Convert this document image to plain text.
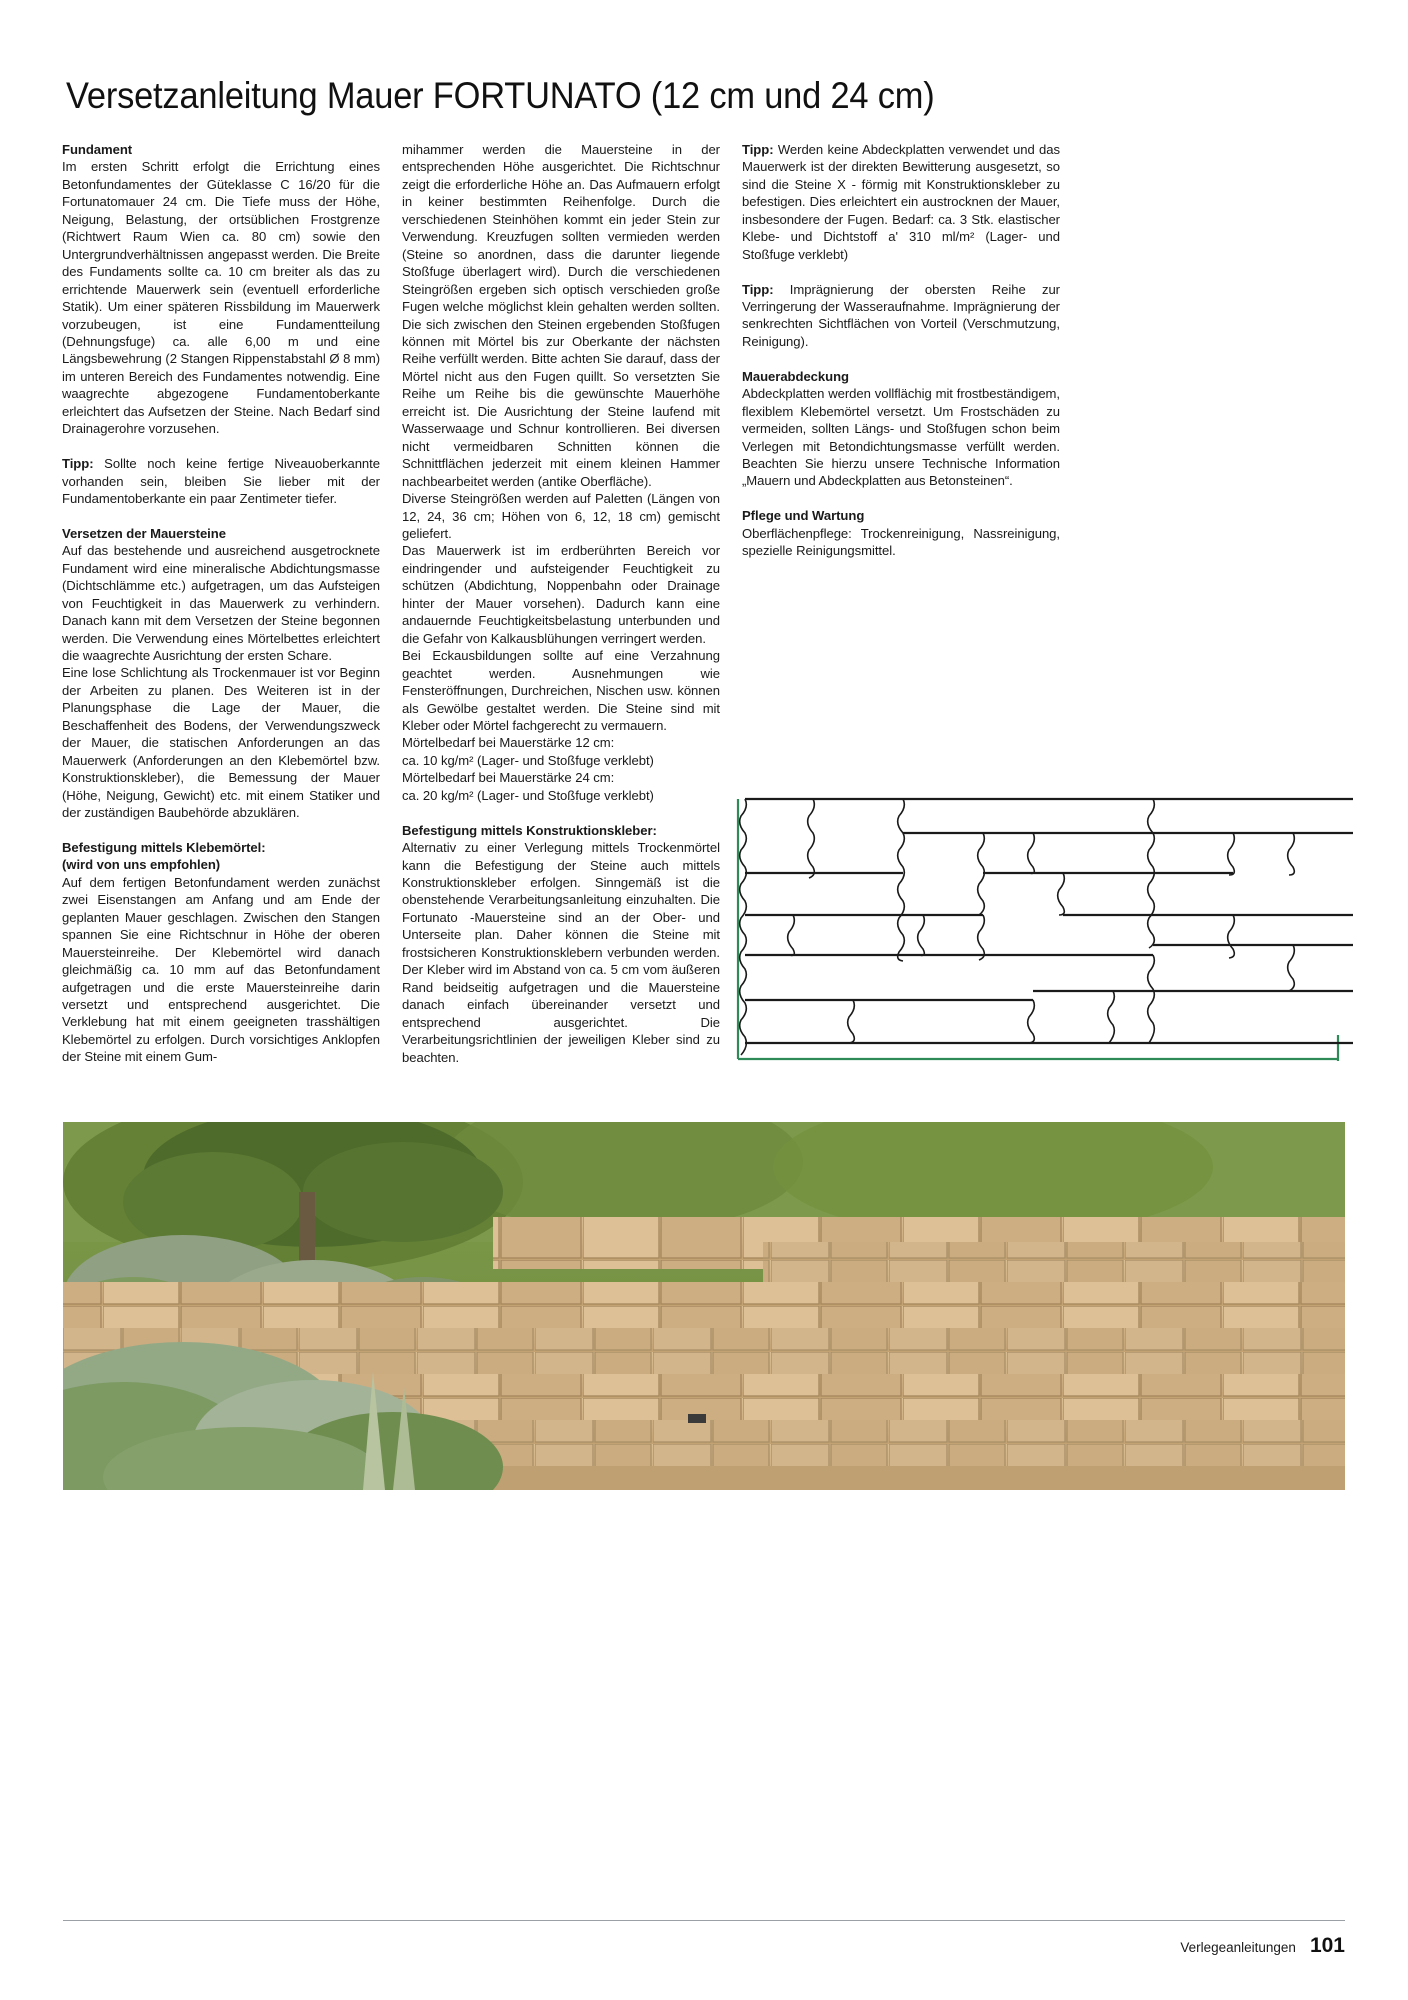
Versetzanleitung Mauer FORTUNATO (12 cm und 24 cm)
Fundament

Im ersten Schritt erfolgt die Errichtung eines Betonfundamentes der Güteklasse C 16/20 für die Fortunatomauer 24 cm. Die Tiefe muss der Höhe, Neigung, Belastung, der ortsüblichen Frostgrenze (Richtwert Raum Wien ca. 80 cm) sowie den Untergrundverhältnissen angepasst werden. Die Breite des Fundaments sollte ca. 10 cm breiter als das zu errichtende Mauerwerk sein (eventuell erforderliche Statik). Um einer späteren Rissbildung im Mauerwerk vorzubeugen, ist eine Fundamentteilung (Dehnungsfuge) ca. alle 6,00 m und eine Längsbewehrung (2 Stangen Rippenstabstahl Ø 8 mm) im unteren Bereich des Fundamentes notwendig. Eine waagrechte abgezogene Fundamentoberkante erleichtert das Aufsetzen der Steine. Nach Bedarf sind Drainagerohre vorzusehen.

Tipp: Sollte noch keine fertige Niveauoberkannte vorhanden sein, bleiben Sie lieber mit der Fundamentoberkante ein paar Zentimeter tiefer.

Versetzen der Mauersteine

Auf das bestehende und ausreichend ausgetrocknete Fundament wird eine mineralische Abdichtungsmasse (Dichtschlämme etc.) aufgetragen, um das Aufsteigen von Feuchtigkeit in das Mauerwerk zu verhindern. Danach kann mit dem Versetzen der Steine begonnen werden. Die Verwendung eines Mörtelbettes erleichtert die waagrechte Ausrichtung der ersten Schare.

Eine lose Schlichtung als Trockenmauer ist vor Beginn der Arbeiten zu planen. Des Weiteren ist in der Planungsphase die Lage der Mauer, die Beschaffenheit des Bodens, der Verwendungszweck der Mauer, die statischen Anforderungen an das Mauerwerk (Anforderungen an den Klebemörtel bzw. Konstruktionskleber), die Bemessung der Mauer (Höhe, Neigung, Gewicht) etc. mit einem Statiker und der zuständigen Baubehörde abzuklären.

Befestigung mittels Klebemörtel:
(wird von uns empfohlen)

Auf dem fertigen Betonfundament werden zunächst zwei Eisenstangen am Anfang und am Ende der geplanten Mauer geschlagen. Zwischen den Stangen spannen Sie eine Richtschnur in Höhe der oberen Mauersteinreihe. Der Klebemörtel wird danach gleichmäßig ca. 10 mm auf das Betonfundament aufgetragen und die erste Mauersteinreihe darin versetzt und entsprechend ausgerichtet. Die Verklebung hat mit einem geeigneten trasshältigen Klebemörtel zu erfolgen. Durch vorsichtiges Anklopfen der Steine mit einem Gum-

mihammer werden die Mauersteine in der entsprechenden Höhe ausgerichtet. Die Richtschnur zeigt die erforderliche Höhe an. Das Aufmauern erfolgt in keiner bestimmten Reihenfolge. Durch die verschiedenen Steinhöhen kommt ein jeder Stein zur Verwendung. Kreuzfugen sollten vermieden werden (Steine so anordnen, dass die darunter liegende Stoßfuge überlagert wird). Durch die verschiedenen Steingrößen ergeben sich optisch verschieden große Fugen welche möglichst klein gehalten werden sollten. Die sich zwischen den Steinen ergebenden Stoßfugen können mit Mörtel bis zur Oberkante der nächsten Reihe verfüllt werden. Bitte achten Sie darauf, dass der Mörtel nicht aus den Fugen quillt. So versetzten Sie Reihe um Reihe bis die gewünschte Mauerhöhe erreicht ist. Die Ausrichtung der Steine laufend mit Wasserwaage und Schnur kontrollieren. Bei diversen nicht vermeidbaren Schnitten können die Schnittflächen jederzeit mit einem kleinen Hammer nachbearbeitet werden (antike Oberfläche).

Diverse Steingrößen werden auf Paletten (Längen von 12, 24, 36 cm; Höhen von 6, 12, 18 cm) gemischt geliefert.

Das Mauerwerk ist im erdberührten Bereich vor eindringender und aufsteigender Feuchtigkeit zu schützen (Abdichtung, Noppenbahn oder Drainage hinter der Mauer vorsehen). Dadurch kann eine andauernde Feuchtigkeitsbelastung unterbunden und die Gefahr von Kalkausblühungen verringert werden.

Bei Eckausbildungen sollte auf eine Verzahnung geachtet werden. Ausnehmungen wie Fensteröffnungen, Durchreichen, Nischen usw. können als Gewölbe gestaltet werden. Die Steine sind mit Kleber oder Mörtel fachgerecht zu vermauern.

Mörtelbedarf bei Mauerstärke 12 cm:

ca. 10 kg/m² (Lager- und Stoßfuge verklebt)

Mörtelbedarf bei Mauerstärke 24 cm:

ca. 20 kg/m² (Lager- und Stoßfuge verklebt)

Befestigung mittels Konstruktionskleber:

Alternativ zu einer Verlegung mittels Trockenmörtel kann die Befestigung der Steine auch mittels Konstruktionskleber erfolgen. Sinngemäß ist die obenstehende Verarbeitungsanleitung einzuhalten. Die Fortunato -Mauersteine sind an der Ober- und Unterseite plan. Daher können die Steine mit frostsicheren Konstruktionsklebern verbunden werden. Der Kleber wird im Abstand von ca. 5 cm vom äußeren Rand beidseitig aufgetragen und die Mauersteine danach einfach übereinander versetzt und entsprechend ausgerichtet. Die Verarbeitungsrichtlinien der jeweiligen Kleber sind zu beachten.

Tipp: Werden keine Abdeckplatten verwendet und das Mauerwerk ist der direkten Bewitterung ausgesetzt, so sind die Steine X - förmig mit Konstruktionskleber zu befestigen. Dies erleichtert ein austrocknen der Mauer, insbesondere der Fugen. Bedarf: ca. 3 Stk. elastischer Klebe- und Dichtstoff a' 310 ml/m² (Lager- und Stoßfuge verklebt)

Tipp: Imprägnierung der obersten Reihe zur Verringerung der Wasseraufnahme. Imprägnierung der senkrechten Sichtflächen von Vorteil (Verschmutzung, Reinigung).

Mauerabdeckung

Abdeckplatten werden vollflächig mit frostbeständigem, flexiblem Klebemörtel versetzt. Um Frostschäden zu vermeiden, sollten Längs- und Stoßfugen schon beim Verlegen mit Betondichtungsmasse verfüllt werden. Beachten Sie hierzu unsere Technische Information „Mauern und Abdeckplatten aus Betonsteinen“.

Pflege und Wartung

Oberflächenpflege: Trockenreinigung, Nassreinigung, spezielle Reinigungsmittel.

Verlegeanleitungen 101
